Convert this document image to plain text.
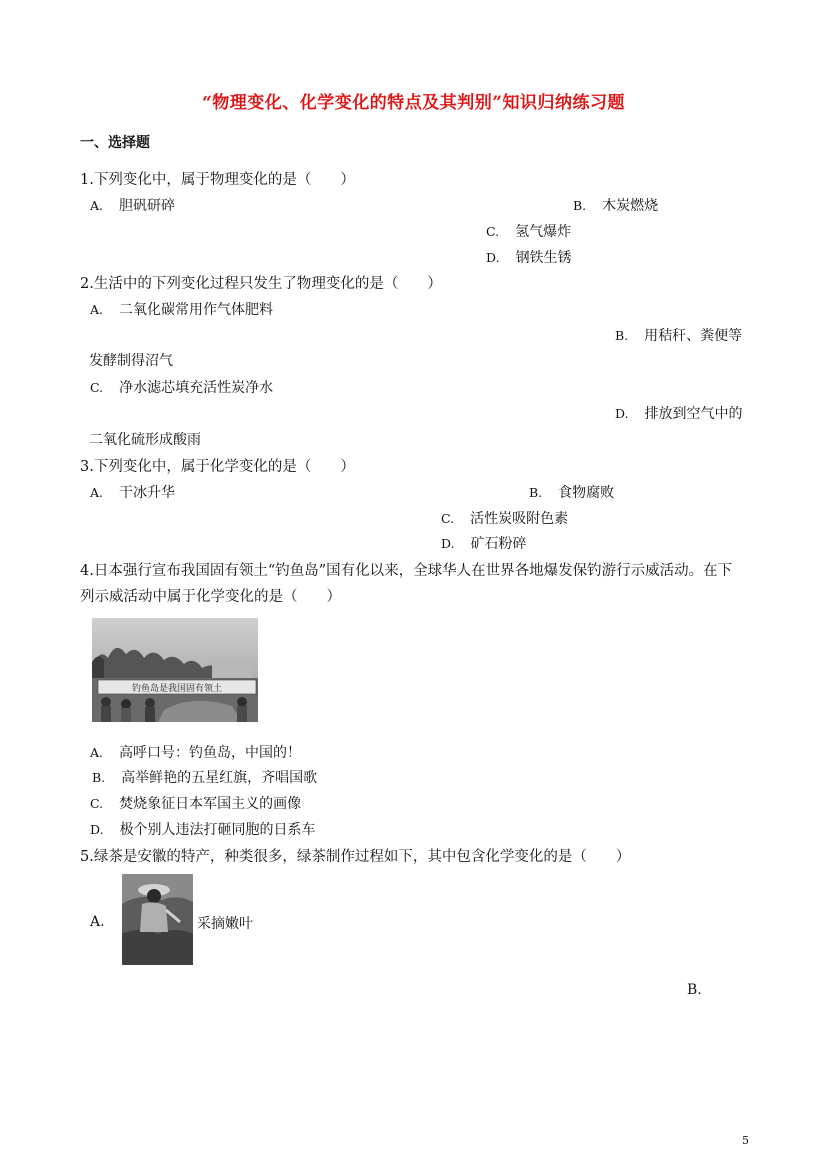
“物理变化、化学变化的特点及其判别”知识归纳练习题
一、选择题
1.下列变化中，属于物理变化的是（　　）
A. 胆矾研碎	B. 木炭燃烧
C. 氢气爆炸
D. 钢铁生锈
2.生活中的下列变化过程只发生了物理变化的是（　　）
A. 二氧化碳常用作气体肥料
B. 用秸秆、粪便等
发酵制得沼气
C. 净水滤芯填充活性炭净水
D. 排放到空气中的
二氧化硫形成酸雨
3.下列变化中，属于化学变化的是（　　）
A. 干冰升华	B. 食物腐败
C. 活性炭吸附色素
D. 矿石粉碎
4.日本强行宣布我国固有领土“钓鱼岛”国有化以来，全球华人在世界各地爆发保钓游行示威活动。在下
列示威活动中属于化学变化的是（　　）
钓鱼岛是我国固有领土
A. 高呼口号：钓鱼岛，中国的！
B. 高举鲜艳的五星红旗，齐唱国歌
C. 焚烧象征日本军国主义的画像
D. 极个别人违法打砸同胞的日系车
5.绿茶是安徽的特产，种类很多，绿茶制作过程如下，其中包含化学变化的是（　　）
A.	采摘嫩叶
B.
5
